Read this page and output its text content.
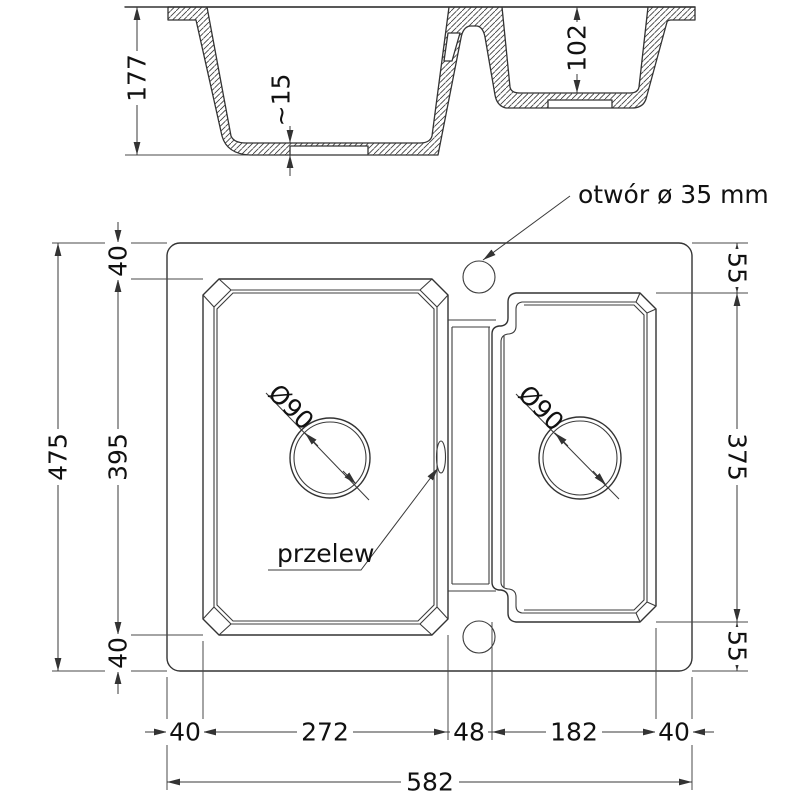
177
102
~15
Ø90	Ø90
otwór ø 35 mm
przelew
475
40
395
40
55
375
55
40	272	48	182 40
582
